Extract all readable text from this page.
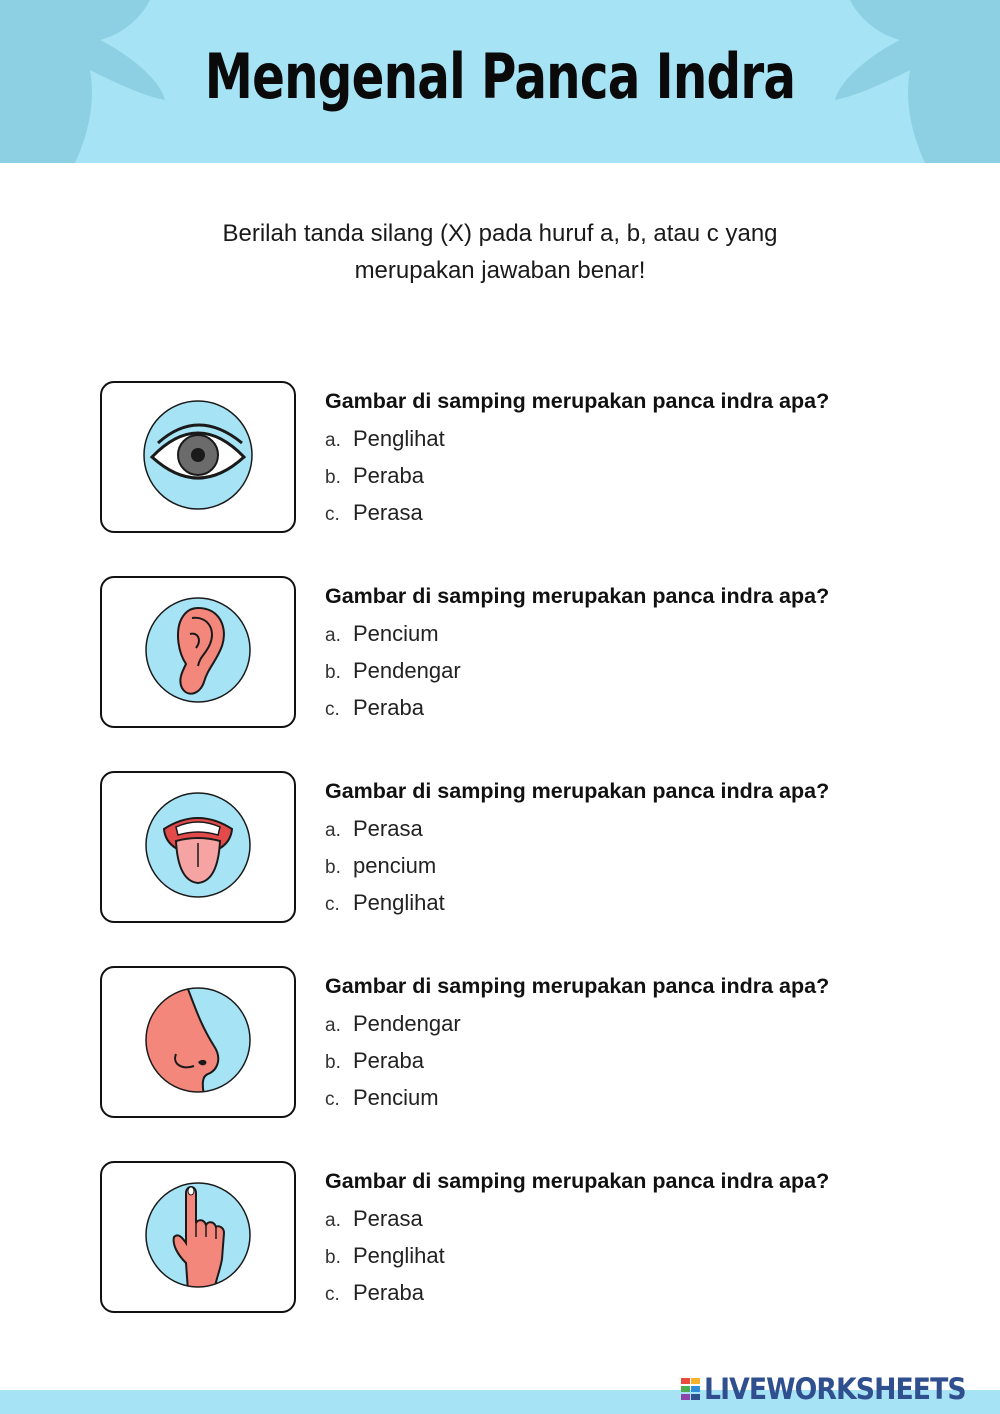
Mengenal Panca Indra
Berilah tanda silang (X) pada huruf a, b, atau c yang
merupakan jawaban benar!
Gambar di samping merupakan panca indra apa?
a. Penglihat
b. Peraba
c. Perasa
Gambar di samping merupakan panca indra apa?
a. Pencium
b. Pendengar
c. Peraba
Gambar di samping merupakan panca indra apa?
a. Perasa
b. pencium
c. Penglihat
Gambar di samping merupakan panca indra apa?
a. Pendengar
b. Peraba
c. Pencium
Gambar di samping merupakan panca indra apa?
a. Perasa
b. Penglihat
c. Peraba
LIVEWORKSHEETS
